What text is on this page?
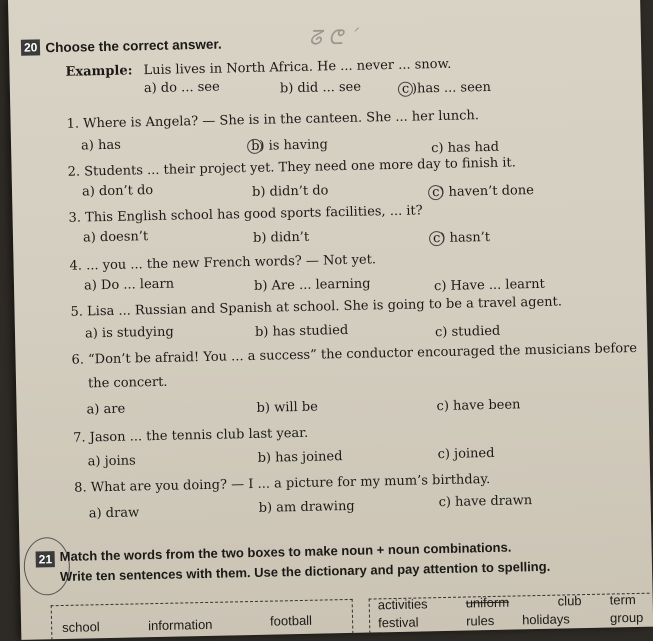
ᘔ ᕦ ˊ
20 Choose the correct answer.
Example: Luis lives in North Africa. He ... never ... snow.
a) do ... see	b) did ... see	c )has ... seen
1. Where is Angela? — She is in the canteen. She ... her lunch.
a) has	b) is having	c) has had
2. Students ... their project yet. They need one more day to finish it.
a) don’t do	b) didn’t do	c) haven’t done
3. This English school has good sports facilities, ... it?
a) doesn’t	b) didn’t	c) hasn’t
4. ... you ... the new French words? — Not yet.
a) Do ... learn	b) Are ... learning	c) Have ... learnt
5. Lisa ... Russian and Spanish at school. She is going to be a travel agent.
a) is studying	b) has studied	c) studied
6. “Don’t be afraid! You ... a success” the conductor encouraged the musicians before
the concert.
a) are	b) will be	c) have been
7. Jason ... the tennis club last year.
a) joins	b) has joined	c) joined
8. What are you doing? — I ... a picture for my mum’s birthday.
a) draw	b) am drawing	c) have drawn
21 Match the words from the two boxes to make noun + noun combinations.
Write ten sentences with them. Use the dictionary and pay attention to spelling.
school	information	football
activities	uniform	club term
festival	rules holidays	group
